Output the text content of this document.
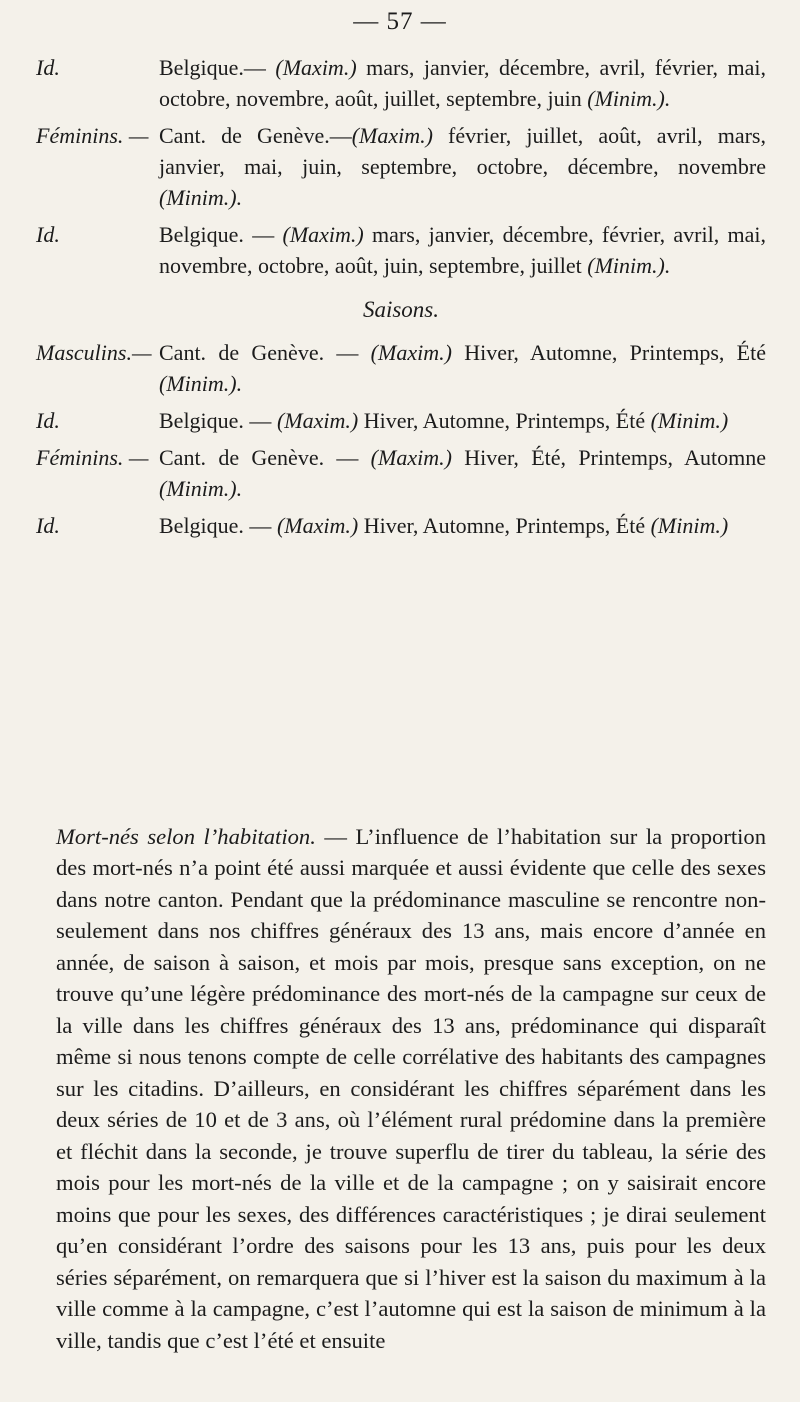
— 57 —
Id.	Belgique.— (Maxim.) mars, janvier, décembre, avril, février, mai, octobre, novembre, août, juillet, septembre, juin (Minim.).
Féminins. — Cant. de Genève.—(Maxim.) février, juillet, août, avril, mars, janvier, mai, juin, septembre, octobre, décembre, novembre (Minim.).
Id.	Belgique. — (Maxim.) mars, janvier, décembre, février, avril, mai, novembre, octobre, août, juin, septembre, juillet (Minim.).
Saisons.
Masculins.— Cant. de Genève. — (Maxim.) Hiver, Automne, Printemps, Été (Minim.).
Id.	Belgique. — (Maxim.) Hiver, Automne, Printemps, Été (Minim.)
Féminins. — Cant. de Genève. — (Maxim.) Hiver, Été, Printemps, Automne (Minim.).
Id.	Belgique. — (Maxim.) Hiver, Automne, Printemps, Été (Minim.)

Mort-nés selon l’habitation. — L’influence de l’habitation sur la proportion des mort-nés n’a point été aussi marquée et aussi évidente que celle des sexes dans notre canton. Pendant que la prédominance masculine se rencontre non-seulement dans nos chiffres généraux des 13 ans, mais encore d’année en année, de saison à saison, et mois par mois, presque sans exception, on ne trouve qu’une légère prédominance des mort-nés de la campagne sur ceux de la ville dans les chiffres généraux des 13 ans, prédominance qui disparaît même si nous tenons compte de celle corrélative des habitants des campagnes sur les citadins. D’ailleurs, en considérant les chiffres séparément dans les deux séries de 10 et de 3 ans, où l’élément rural prédomine dans la première et fléchit dans la seconde, je trouve superflu de tirer du tableau, la série des mois pour les mort-nés de la ville et de la campagne ; on y saisirait encore moins que pour les sexes, des différences caractéristiques ; je dirai seulement qu’en considérant l’ordre des saisons pour les 13 ans, puis pour les deux séries séparément, on remarquera que si l’hiver est la saison du maximum à la ville comme à la campagne, c’est l’automne qui est la saison de minimum à la ville, tandis que c’est l’été et ensuite
